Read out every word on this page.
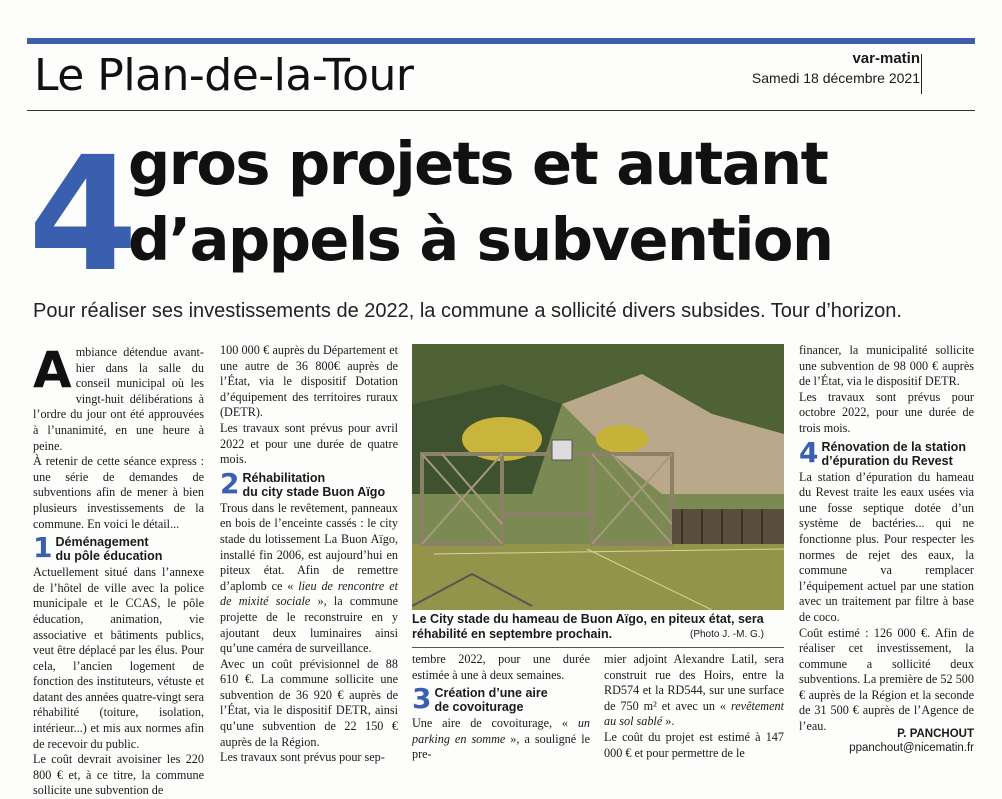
Le Plan-de-la-Tour	var-matin
Samedi 18 décembre 2021
4
gros projets et autant
d’appels à subvention
Pour réaliser ses investissements de 2022, la commune a sollicité divers subsides. Tour d’horizon.

Ambiance détendue avant-hier dans la salle du conseil municipal où les vingt-huit délibérations à l’ordre du jour ont été approuvées à l’unanimité, en une heure à peine.

À retenir de cette séance express : une série de demandes de subventions afin de mener à bien plusieurs investissements de la commune. En voici le détail...

1 Déménagement
du pôle éducation

Actuellement situé dans l’annexe de l’hôtel de ville avec la police municipale et le CCAS, le pôle éducation, animation, vie associative et bâtiments publics, veut être déplacé par les élus. Pour cela, l’ancien logement de fonction des instituteurs, vétuste et datant des années quatre-vingt sera réhabilité (toiture, isolation, intérieur...) et mis aux normes afin de recevoir du public.

Le coût devrait avoisiner les 220 800 € et, à ce titre, la commune sollicite une subvention de

100 000 € auprès du Département et une autre de 36 800€ auprès de l’État, via le dispositif Dotation d’équipement des territoires ruraux (DETR).

Les travaux sont prévus pour avril 2022 et pour une durée de quatre mois.

2 Réhabilitation
du city stade Buon Aïgo

Trous dans le revêtement, panneaux en bois de l’enceinte cassés : le city stade du lotissement La Buon Aïgo, installé fin 2006, est aujourd’hui en piteux état. Afin de remettre d’aplomb ce « lieu de rencontre et de mixité sociale », la commune projette de le reconstruire en y ajoutant deux luminaires ainsi qu’une caméra de surveillance.

Avec un coût prévisionnel de 88 610 €. La commune sollicite une subvention de 36 920 € auprès de l’État, via le dispositif DETR, ainsi qu’une subvention de 22 150 € auprès de la Région.

Les travaux sont prévus pour sep-

Le City stade du hameau de Buon Aïgo, en piteux état, sera réhabilité en septembre prochain.	(Photo J. -M. G.)

tembre 2022, pour une durée estimée à une à deux semaines.

3 Création d’une aire
de covoiturage

Une aire de covoiturage, « un parking en somme », a souligné le pre-

mier adjoint Alexandre Latil, sera construit rue des Hoirs, entre la RD574 et la RD544, sur une surface de 750 m² et avec un « revêtement au sol sablé ».

Le coût du projet est estimé à 147 000 € et pour permettre de le

financer, la municipalité sollicite une subvention de 98 000 € auprès de l’État, via le dispositif DETR.

Les travaux sont prévus pour octobre 2022, pour une durée de trois mois.

4 Rénovation de la station
d’épuration du Revest

La station d’épuration du hameau du Revest traite les eaux usées via une fosse septique dotée d’un système de bactéries... qui ne fonctionne plus. Pour respecter les normes de rejet des eaux, la commune va remplacer l’équipement actuel par une station avec un traitement par filtre à base de coco.

Coût estimé : 126 000 €. Afin de réaliser cet investissement, la commune a sollicité deux subventions. La première de 52 500 € auprès de la Région et la seconde de 31 500 € auprès de l’Agence de l’eau.

P. PANCHOUT
ppanchout@nicematin.fr
